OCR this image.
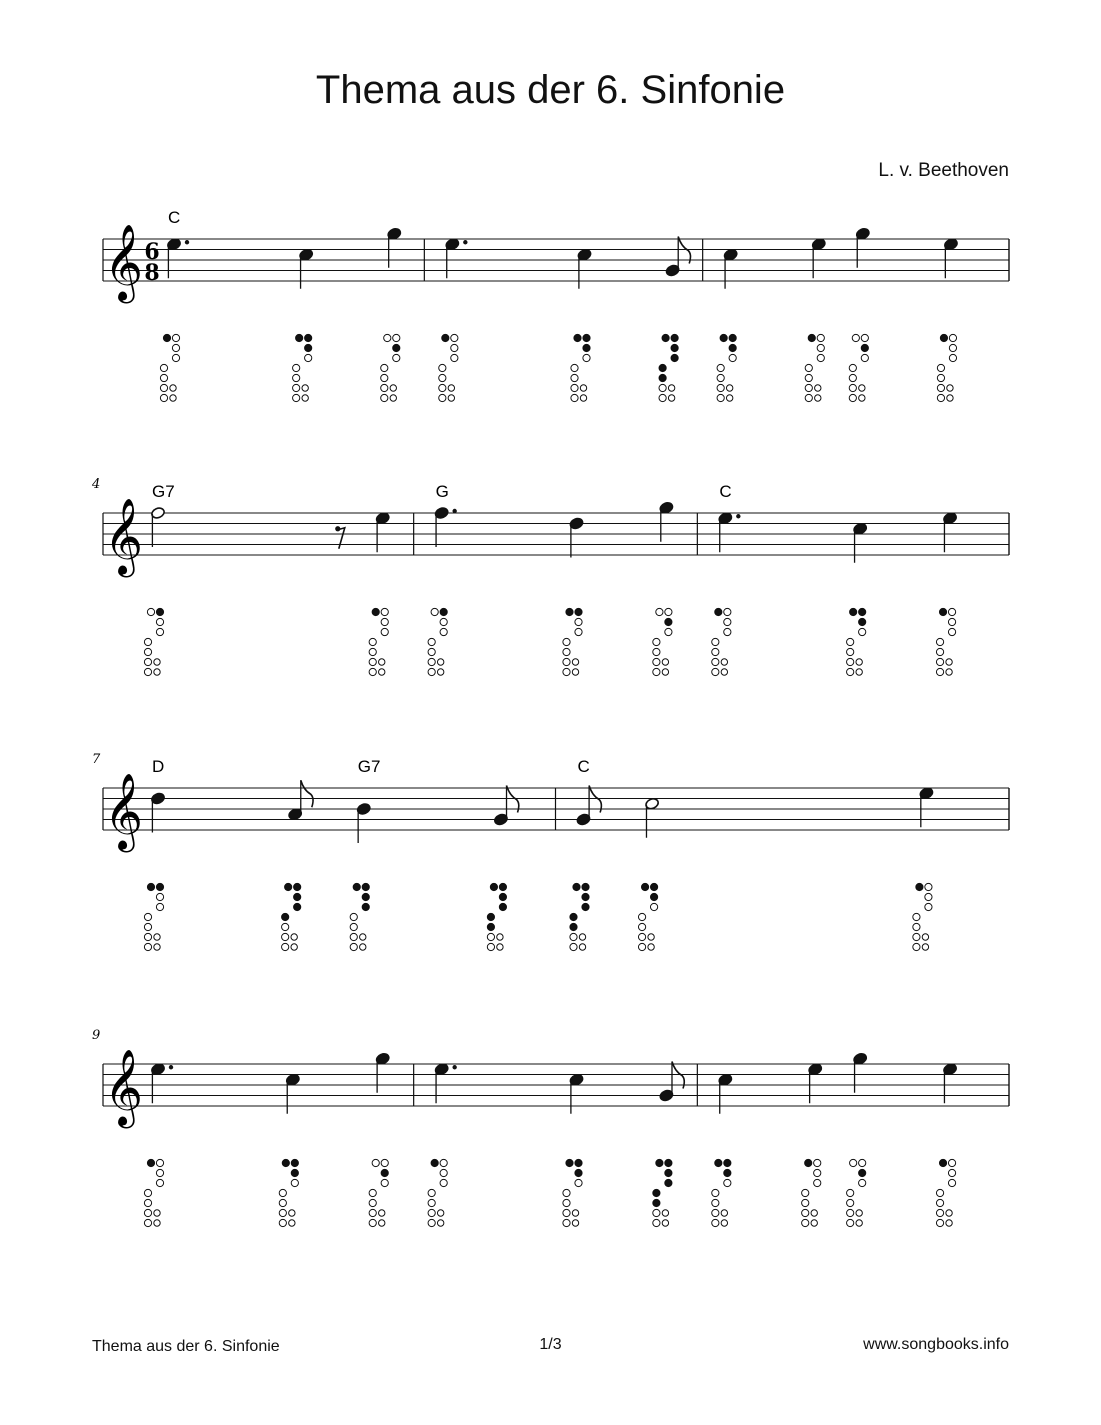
Thema aus der 6. Sinfonie
L. v. Beethoven
𝄞 6
8
C
𝄞
4	G7	G	C
𝄞
7	D	G7	C
𝄞
9
Thema aus der 6. Sinfonie	1/3	www.songbooks.info
